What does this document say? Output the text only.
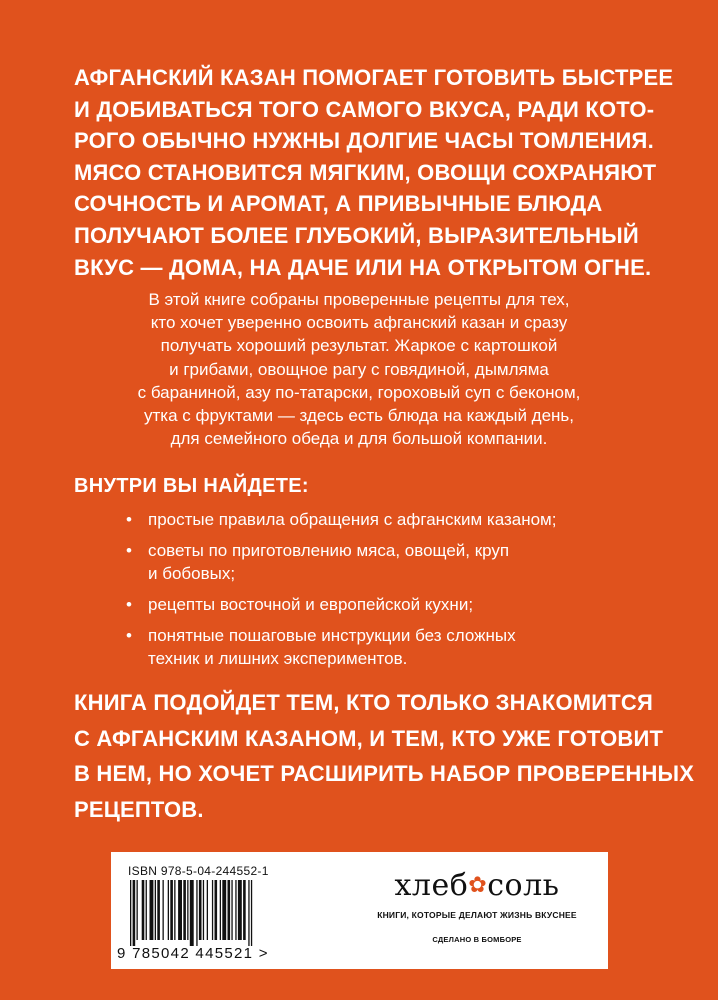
АФГАНСКИЙ КАЗАН ПОМОГАЕТ ГОТОВИТЬ БЫСТРЕЕ
И ДОБИВАТЬСЯ ТОГО САМОГО ВКУСА, РАДИ КОТО-
РОГО ОБЫЧНО НУЖНЫ ДОЛГИЕ ЧАСЫ ТОМЛЕНИЯ.
МЯСО СТАНОВИТСЯ МЯГКИМ, ОВОЩИ СОХРАНЯЮТ
СОЧНОСТЬ И АРОМАТ, А ПРИВЫЧНЫЕ БЛЮДА
ПОЛУЧАЮТ БОЛЕЕ ГЛУБОКИЙ, ВЫРАЗИТЕЛЬНЫЙ
ВКУС — ДОМА, НА ДАЧЕ ИЛИ НА ОТКРЫТОМ ОГНЕ.

В этой книге собраны проверенные рецепты для тех,
кто хочет уверенно освоить афганский казан и сразу
получать хороший результат. Жаркое с картошкой
и грибами, овощное рагу с говядиной, дымляма
с бараниной, азу по-татарски, гороховый суп с беконом,
утка с фруктами — здесь есть блюда на каждый день,
для семейного обеда и для большой компании.

ВНУТРИ ВЫ НАЙДЕТЕ:
• простые правила обращения с афганским казаном;
• советы по приготовлению мяса, овощей, круп
и бобовых;
• рецепты восточной и европейской кухни;
• понятные пошаговые инструкции без сложных
техник и лишних экспериментов.

КНИГА ПОДОЙДЕТ ТЕМ, КТО ТОЛЬКО ЗНАКОМИТСЯ
С АФГАНСКИМ КАЗАНОМ, И ТЕМ, КТО УЖЕ ГОТОВИТ
В НЕМ, НО ХОЧЕТ РАСШИРИТЬ НАБОР ПРОВЕРЕННЫХ
РЕЦЕПТОВ.

ISBN 978-5-04-244552-1
9 785042 445521 >
хлеб✿соль
КНИГИ, КОТОРЫЕ ДЕЛАЮТ ЖИЗНЬ ВКУСНЕЕ
СДЕЛАНО В БОМБОРЕ
